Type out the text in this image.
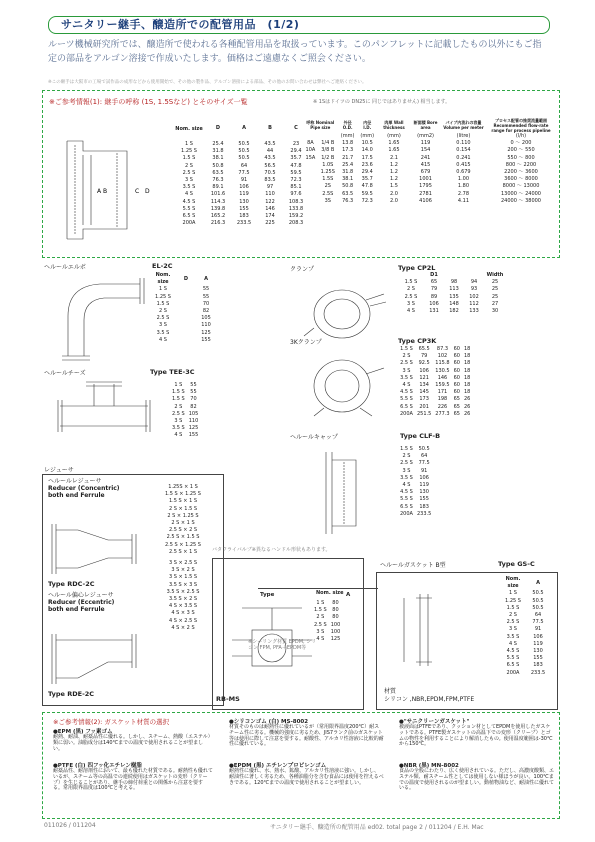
サニタリー継手、醸造所での配管用品　(1/2)
ルーツ機械研究所では、醸造所で使われる各種配管用品を取扱っています。このパンフレットに記載したもの以外にもご指定の部品をアルゴン溶接で作成いたします。価格はご遠慮なくご照会ください。
※この継手は大阪市の工場で試作品の成形などから使用開始で、その他の製作品、アルゴン溶接による部品、その他のお問い合わせは弊社へご連絡ください。
※ご参考情報(1): 継手の呼称 (1S, 1.5Sなど) とそのサイズ一覧	※ 1Sはドイツの DN25に 同じではありません) 相当します。
A B	C D
Nom. size	D	A	B	C
1 S	25.4	50.5	43.5	23
1.25 S	31.8	50.5	44	29.4
1.5 S	38.1	50.5	43.5	35.7
2 S	50.8	64	56.5	47.8
2.5 S	63.5	77.5	70.5	59.5
3 S	76.3	91	83.5	72.3
3.5 S	89.1	106	97	85.1
4 S	101.6	119	110	97.6
4.5 S	114.3	130	122	108.3
5.5 S	139.8	155	146	133.8
6.5 S	165.2	183	174	159.2
200A	216.3	233.5	225	208.3
呼称 Nominal Pipe size		外径 O.D.	内径 I.D.	肉厚 Wall thickness	断面積 Bore area	パイプ内流れの容量 Volume per meter	プロセス配管の推奨流量範囲 Recommended flow-rate range for process pipeline
		(mm)	(mm)	(mm)	(mm2)	(litre)	(l/h)
8A	1/4 B	13.8	10.5	1.65	119	0.110	0 ～ 200
10A	3/8 B	17.3	14.0	1.65	154	0.154	200 ～ 550
15A	1/2 B	21.7	17.5	2.1	241	0.241	550 ～ 800
	1.0S	25.4	23.6	1.2	415	0.415	800 ～ 2200
	1.25S	31.8	29.4	1.2	679	0.679	2200 ～ 3600
	1.5S	38.1	35.7	1.2	1001	1.00	3600 ～ 8000
	2S	50.8	47.8	1.5	1795	1.80	8000 ～ 13000
	2.5S	63.5	59.5	2.0	2781	2.78	13000 ～ 24000
	3S	76.3	72.3	2.0	4106	4.11	24000 ～ 38000
ヘルールエルボ	EL-2C
Nom. size	D	A
1 S		55
1.25 S		55
1.5 S		70
2 S		82
2.5 S		105
3 S		110
3.5 S		125
4 S		155
ヘルールチーズ	Type TEE-3C
1 S	55
1.5 S	55
1.5 S	70
2 S	82
2.5 S	105
3 S	110
3.5 S	125
4 S	155
レジューサ
ヘルールレジューサ
Reducer (Concentric)
both end Ferrule
Type RDC-2C
ヘルール偏心レジューサ
Reducer (Eccentric)
both end Ferrule
Type RDE-2C
1.25S × 1 S
1.5 S × 1.25 S
1.5 S × 1 S
2 S × 1.5 S
2 S × 1.25 S
2 S × 1 S
2.5 S × 2 S
2.5 S × 1.5 S
2.5 S × 1.25 S
2.5 S × 1 S
3 S × 2.5 S
3 S × 2 S
3 S × 1.5 S
3.5 S × 3 S
3.5 S × 2.5 S
3.5 S × 2 S
4 S × 3.5 S
4 S × 3 S
4 S × 2.5 S
4 S × 2 S
クランプ	Type CP2L
	D1			Width
1.5 S	65	98	94	25
2 S	79	113	93	25
2.5 S	89	135	102	25
3 S	106	148	112	27
4 S	131	182	133	30
3Kクランプ	Type CP3K
1.5 S	65.5	87.3	60	18
2 S	79	102	60	18
2.5 S	92.5	115.8	60	18
3 S	106	130.5	60	18
3.5 S	121	146	60	18
4 S	134	159.5	60	18
4.5 S	145	171	60	18
5.5 S	173	198	65	26
6.5 S	201	226	65	26
200A	251.5	277.3	65	26
ヘルールキャップ	Type CLF-B
1.5 S	50.5
2 S	64
2.5 S	77.5
3 S	91
3.5 S	106
4 S	119
4.5 S	130
5.5 S	155
6.5 S	183
200A	233.5
バタフライバルブ※異なるハンドル形状もあります。
Type	Nom. size A
1 S	80
1.5 S	80
2 S	80
2.5 S	100
3 S	100
4 S	125
※シーリング材質 EPDM, シリコン FPM, PFA＋EPDM等
RB-MS
ヘルールガスケット B型	Type GS-C
Nom. size	A
1 S	50.5
1.25 S	50.5
1.5 S	50.5
2 S	64
2.5 S	77.5
3 S	91
3.5 S	106
4 S	119
4.5 S	130
5.5 S	155
6.5 S	183
200A	233.5
材質
シリコン ,NBR,EPDM,FPM,PTFE
※ご参考情報(2): ガスケット材質の選択
●EPM (黒) フッ素ゴム
耐熱、耐油、耐薬品性に優れる。しかし、スチーム、熱酸（エステル）類に弱い。油脂成分は140℃までの温度で使用されることが望ましい。
●PTFE (白) 四フッ化エチレン樹脂
耐薬品性、耐溶剤性において、最も優れた材質である。耐熱性も優れているが、スチーム等の高温での連続使用はガスケットの変形（クリープ）を生じることがあり、継手の締付荷重との関係から注意を要する。常用限界温度は100℃と考える。
●シリコンゴム (白) MS-8002
材質そのものは耐熱性に優れているが（常用限界温度200℃）耐スチーム性に劣る。機械的強度に劣るため、JIS7ランク前のガスケット等は使用に際して注意を要する。耐酸性、アルカリ性溶液に比較的耐性に優れている。
●EPDM (黒) エチレンプロピレンゴム
耐熱性に優れ、水、熱水、鉱酸、アルカリ性溶液に強い。しかし、耐油性に著しく劣るため、各種油脂分を含む食品には使用を控えるべきである。120℃までの温度で使用されることが望ましい。
●"サニクリーンガスケット"
被液面はPTFEであり、クッション材としてEPDMを使用したガスケットである。PTFE製ガスケットの高温下での変形（クリープ）とゴムの物性を利用することにより解消したもの。使用温度範囲は-30℃から150℃。
●NBR (黒) MN-8002
食品の全般にわたり、広く使用されている。ただし、高濃度酸類、エステル類、耐スチーム性としては使用しない様ほうが良い。100℃までの温度で使用されるのが望ましい。動植物油など、耐油性に優れている。
011026 / 011204	サニタリー継手、醸造所の配管用品 ed02. total page 2 / 011204 / E.H. Mac
